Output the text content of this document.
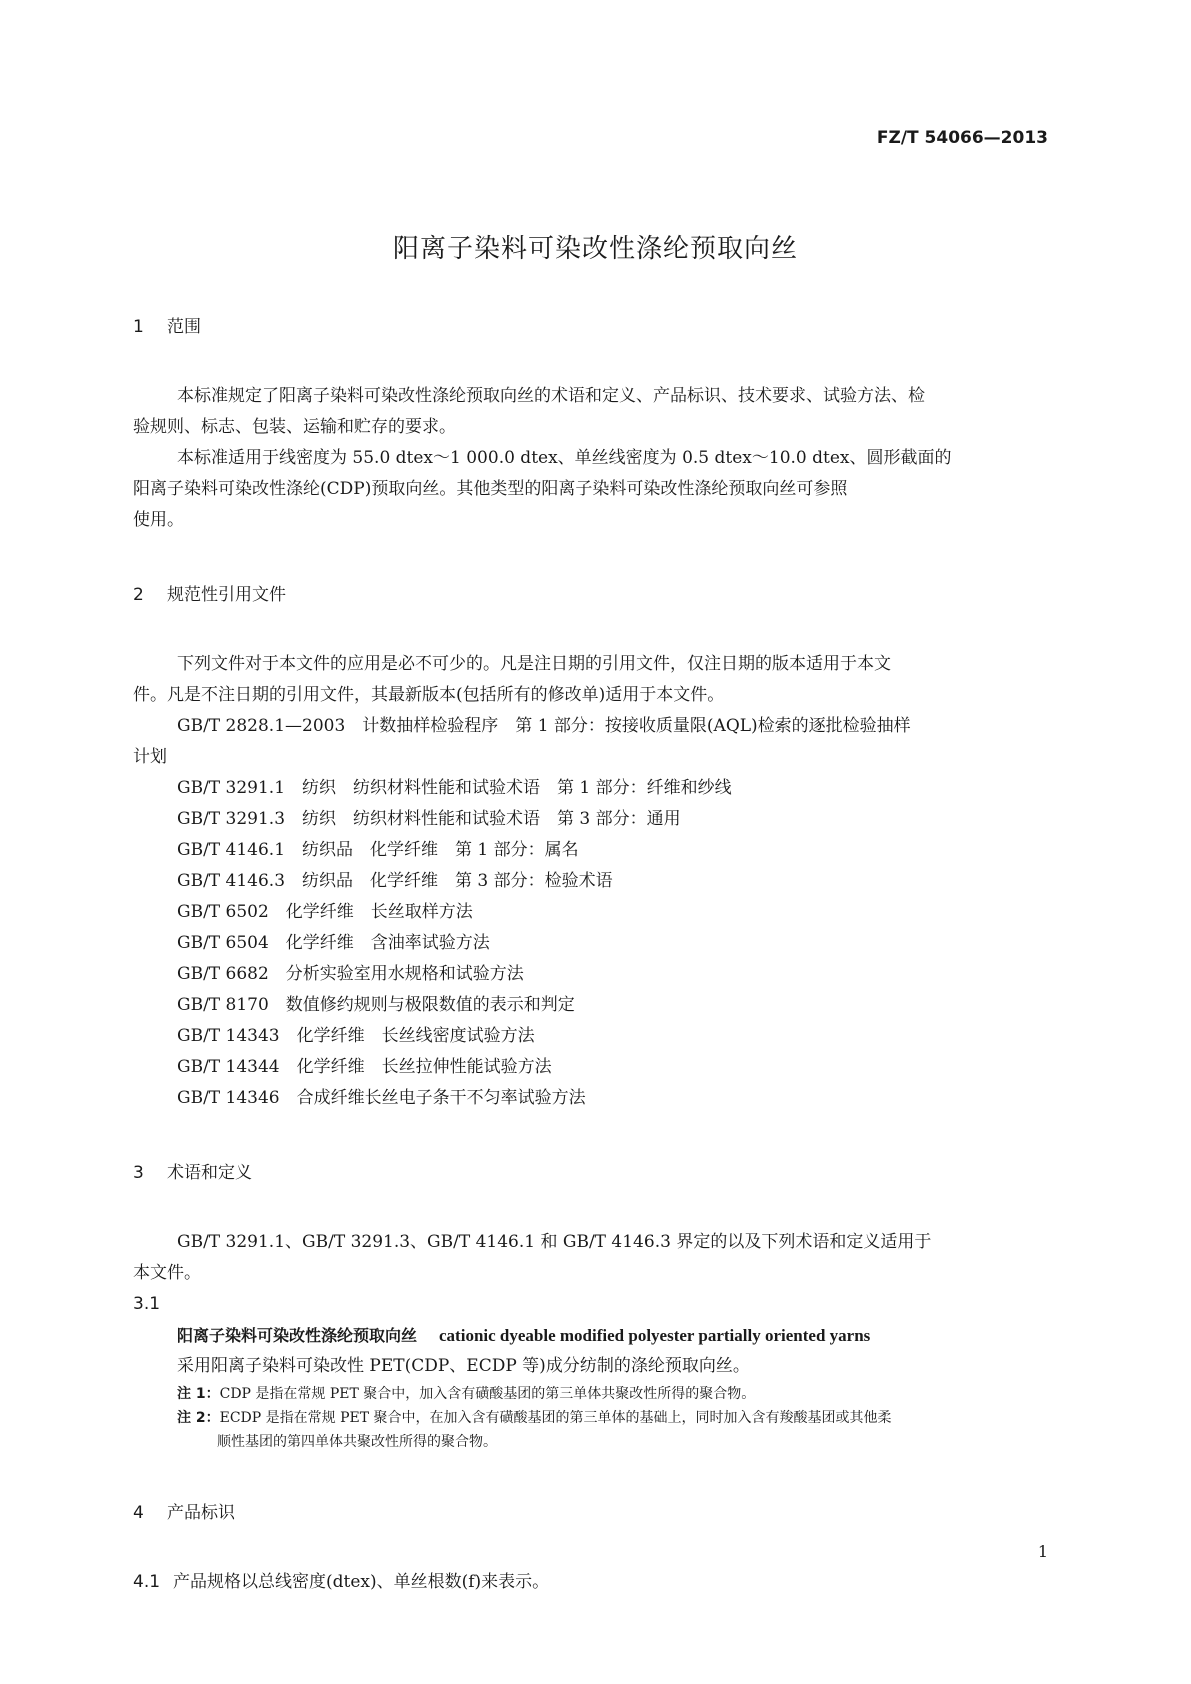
FZ/T 54066—2013
阳离子染料可染改性涤纶预取向丝

1 范围

本标准规定了阳离子染料可染改性涤纶预取向丝的术语和定义、产品标识、技术要求、试验方法、检

验规则、标志、包装、运输和贮存的要求。

本标准适用于线密度为 55.0 dtex～1 000.0 dtex、单丝线密度为 0.5 dtex～10.0 dtex、圆形截面的

阳离子染料可染改性涤纶(CDP)预取向丝。其他类型的阳离子染料可染改性涤纶预取向丝可参照

使用。

2 规范性引用文件

下列文件对于本文件的应用是必不可少的。凡是注日期的引用文件，仅注日期的版本适用于本文

件。凡是不注日期的引用文件，其最新版本(包括所有的修改单)适用于本文件。

GB/T 2828.1—2003　计数抽样检验程序　第 1 部分：按接收质量限(AQL)检索的逐批检验抽样

计划

GB/T 3291.1　纺织　纺织材料性能和试验术语　第 1 部分：纤维和纱线

GB/T 3291.3　纺织　纺织材料性能和试验术语　第 3 部分：通用

GB/T 4146.1　纺织品　化学纤维　第 1 部分：属名

GB/T 4146.3　纺织品　化学纤维　第 3 部分：检验术语

GB/T 6502　化学纤维　长丝取样方法

GB/T 6504　化学纤维　含油率试验方法

GB/T 6682　分析实验室用水规格和试验方法

GB/T 8170　数值修约规则与极限数值的表示和判定

GB/T 14343　化学纤维　长丝线密度试验方法

GB/T 14344　化学纤维　长丝拉伸性能试验方法

GB/T 14346　合成纤维长丝电子条干不匀率试验方法

3 术语和定义

GB/T 3291.1、GB/T 3291.3、GB/T 4146.1 和 GB/T 4146.3 界定的以及下列术语和定义适用于

本文件。

3.1

阳离子染料可染改性涤纶预取向丝 cationic dyeable modified polyester partially oriented yarns

采用阳离子染料可染改性 PET(CDP、ECDP 等)成分纺制的涤纶预取向丝。

注 1：CDP 是指在常规 PET 聚合中，加入含有磺酸基团的第三单体共聚改性所得的聚合物。

注 2：ECDP 是指在常规 PET 聚合中，在加入含有磺酸基团的第三单体的基础上，同时加入含有羧酸基团或其他柔

顺性基团的第四单体共聚改性所得的聚合物。

4 产品标识

4.1 产品规格以总线密度(dtex)、单丝根数(f)来表示。

1
